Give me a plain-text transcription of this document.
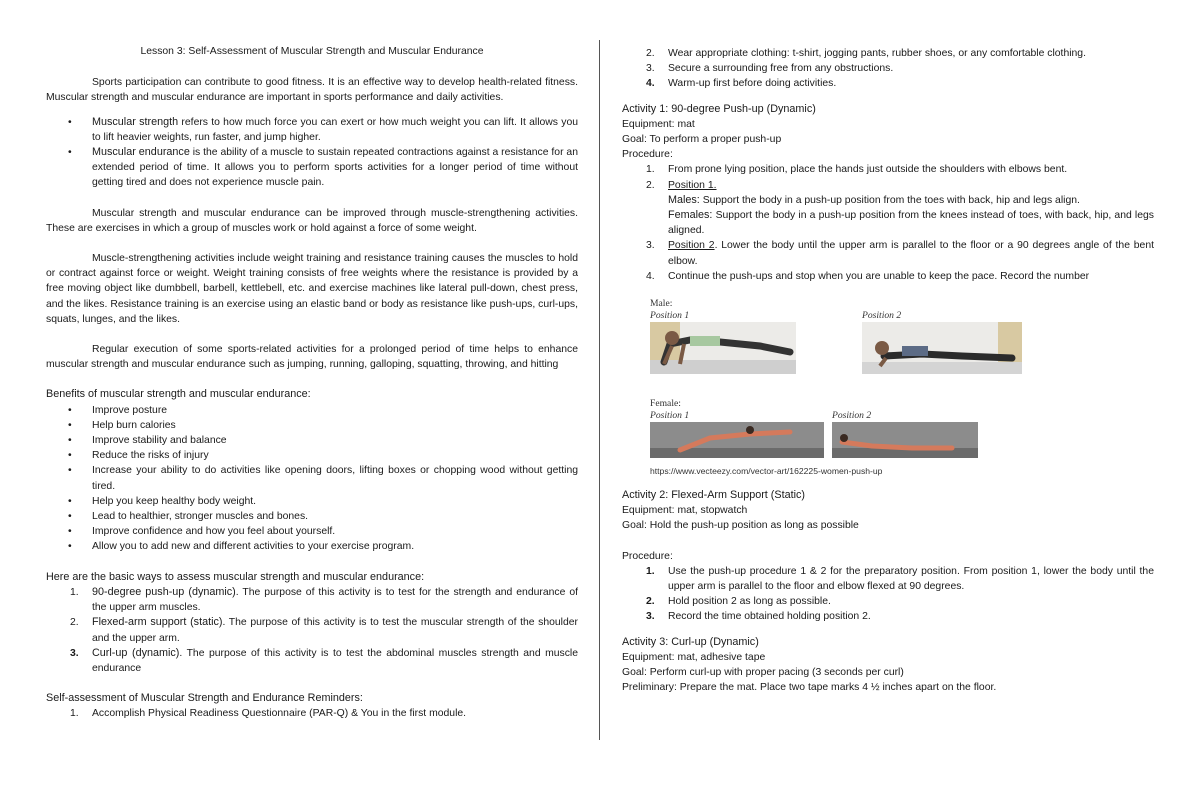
Lesson 3: Self-Assessment of Muscular Strength and Muscular Endurance

Sports participation can contribute to good fitness. It is an effective way to develop health-related fitness. Muscular strength and muscular endurance are important in sports performance and daily activities.

• Muscular strength refers to how much force you can exert or how much weight you can lift. It allows you to lift heavier weights, run faster, and jump higher.
• Muscular endurance is the ability of a muscle to sustain repeated contractions against a resistance for an extended period of time. It allows you to perform sports activities for a longer period of time without getting tired and does not experience muscle pain.

Muscular strength and muscular endurance can be improved through muscle-strengthening activities. These are exercises in which a group of muscles work or hold against a force of some weight.

Muscle-strengthening activities include weight training and resistance training causes the muscles to hold or contract against force or weight. Weight training consists of free weights where the resistance is provided by a free moving object like dumbbell, barbell, kettlebell, etc. and exercise machines like lateral pull-down, chest press, and the likes. Resistance training is an exercise using an elastic band or body as resistance like push-ups, curl-ups, squats, lunges, and the likes.

Regular execution of some sports-related activities for a prolonged period of time helps to enhance muscular strength and muscular endurance such as jumping, running, galloping, squatting, throwing, and hitting

Benefits of muscular strength and muscular endurance:

• Improve posture
• Help burn calories
• Improve stability and balance
• Reduce the risks of injury
• Increase your ability to do activities like opening doors, lifting boxes or chopping wood without getting tired.
• Help you keep healthy body weight.
• Lead to healthier, stronger muscles and bones.
• Improve confidence and how you feel about yourself.
• Allow you to add new and different activities to your exercise program.

Here are the basic ways to assess muscular strength and muscular endurance:

1. 90-degree push-up (dynamic). The purpose of this activity is to test for the strength and endurance of the upper arm muscles.
2. Flexed-arm support (static). The purpose of this activity is to test the muscular strength of the shoulder and the upper arm.
3. Curl-up (dynamic). The purpose of this activity is to test the abdominal muscles strength and muscle endurance

Self-assessment of Muscular Strength and Endurance Reminders:

1. Accomplish Physical Readiness Questionnaire (PAR-Q) & You in the first module.
2. Wear appropriate clothing: t-shirt, jogging pants, rubber shoes, or any comfortable clothing.
3. Secure a surrounding free from any obstructions.
4. Warm-up first before doing activities.

Activity 1: 90-degree Push-up (Dynamic)

Equipment: mat

Goal: To perform a proper push-up

Procedure:

1. From prone lying position, place the hands just outside the shoulders with elbows bent.
2. Position 1.
Males: Support the body in a push-up position from the toes with back, hip and legs align.
Females: Support the body in a push-up position from the knees instead of toes, with back, hip, and legs aligned.
3. Position 2. Lower the body until the upper arm is parallel to the floor or a 90 degrees angle of the bent elbow.
4. Continue the push-ups and stop when you are unable to keep the pace. Record the number
Male:
Position 1	Position 2
Female:
Position 1	Position 2
https://www.vecteezy.com/vector-art/162225-women-push-up

Activity 2: Flexed-Arm Support (Static)

Equipment: mat, stopwatch

Goal: Hold the push-up position as long as possible

Procedure:

1. Use the push-up procedure 1 & 2 for the preparatory position. From position 1, lower the body until the upper arm is parallel to the floor and elbow flexed at 90 degrees.
2. Hold position 2 as long as possible.
3. Record the time obtained holding position 2.

Activity 3: Curl-up (Dynamic)

Equipment: mat, adhesive tape

Goal: Perform curl-up with proper pacing (3 seconds per curl)

Preliminary: Prepare the mat. Place two tape marks 4 ½ inches apart on the floor.
